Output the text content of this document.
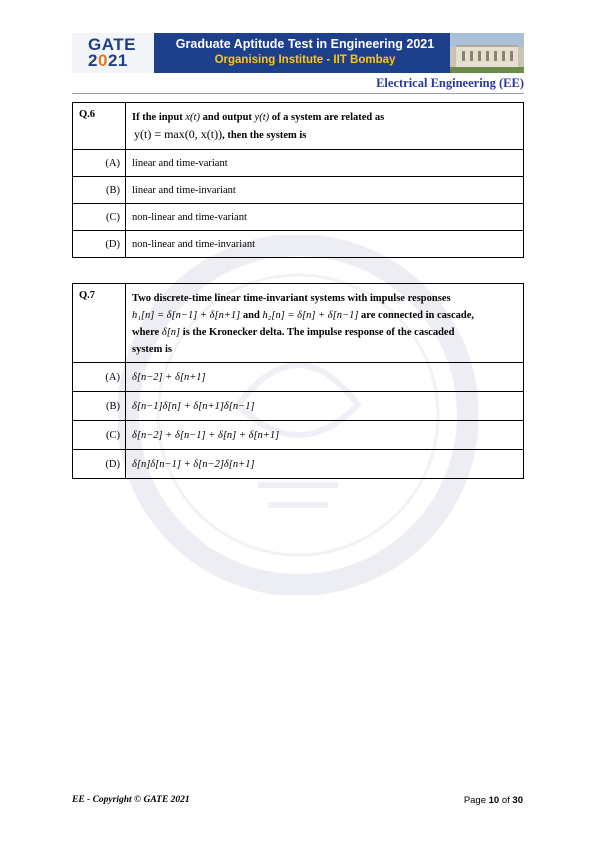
GATE
2021
Graduate Aptitude Test in Engineering 2021
Organising Institute - IIT Bombay
Electrical Engineering (EE)
Q.6	If the input x(t) and output y(t) of a system are related as
y(t) = max(0, x(t)), then the system is
(A)	linear and time-variant
(B)	linear and time-invariant
(C)	non-linear and time-variant
(D)	non-linear and time-invariant
Q.7	Two discrete-time linear time-invariant systems with impulse responses
h₁[n] = δ[n−1] + δ[n+1] and h₂[n] = δ[n] + δ[n−1] are connected in cascade,
where δ[n] is the Kronecker delta. The impulse response of the cascaded
system is
(A)	δ[n−2] + δ[n+1]
(B)	δ[n−1]δ[n] + δ[n+1]δ[n−1]
(C)	δ[n−2] + δ[n−1] + δ[n] + δ[n+1]
(D)	δ[n]δ[n−1] + δ[n−2]δ[n+1]
EE - Copyright © GATE 2021	Page 10 of 30
